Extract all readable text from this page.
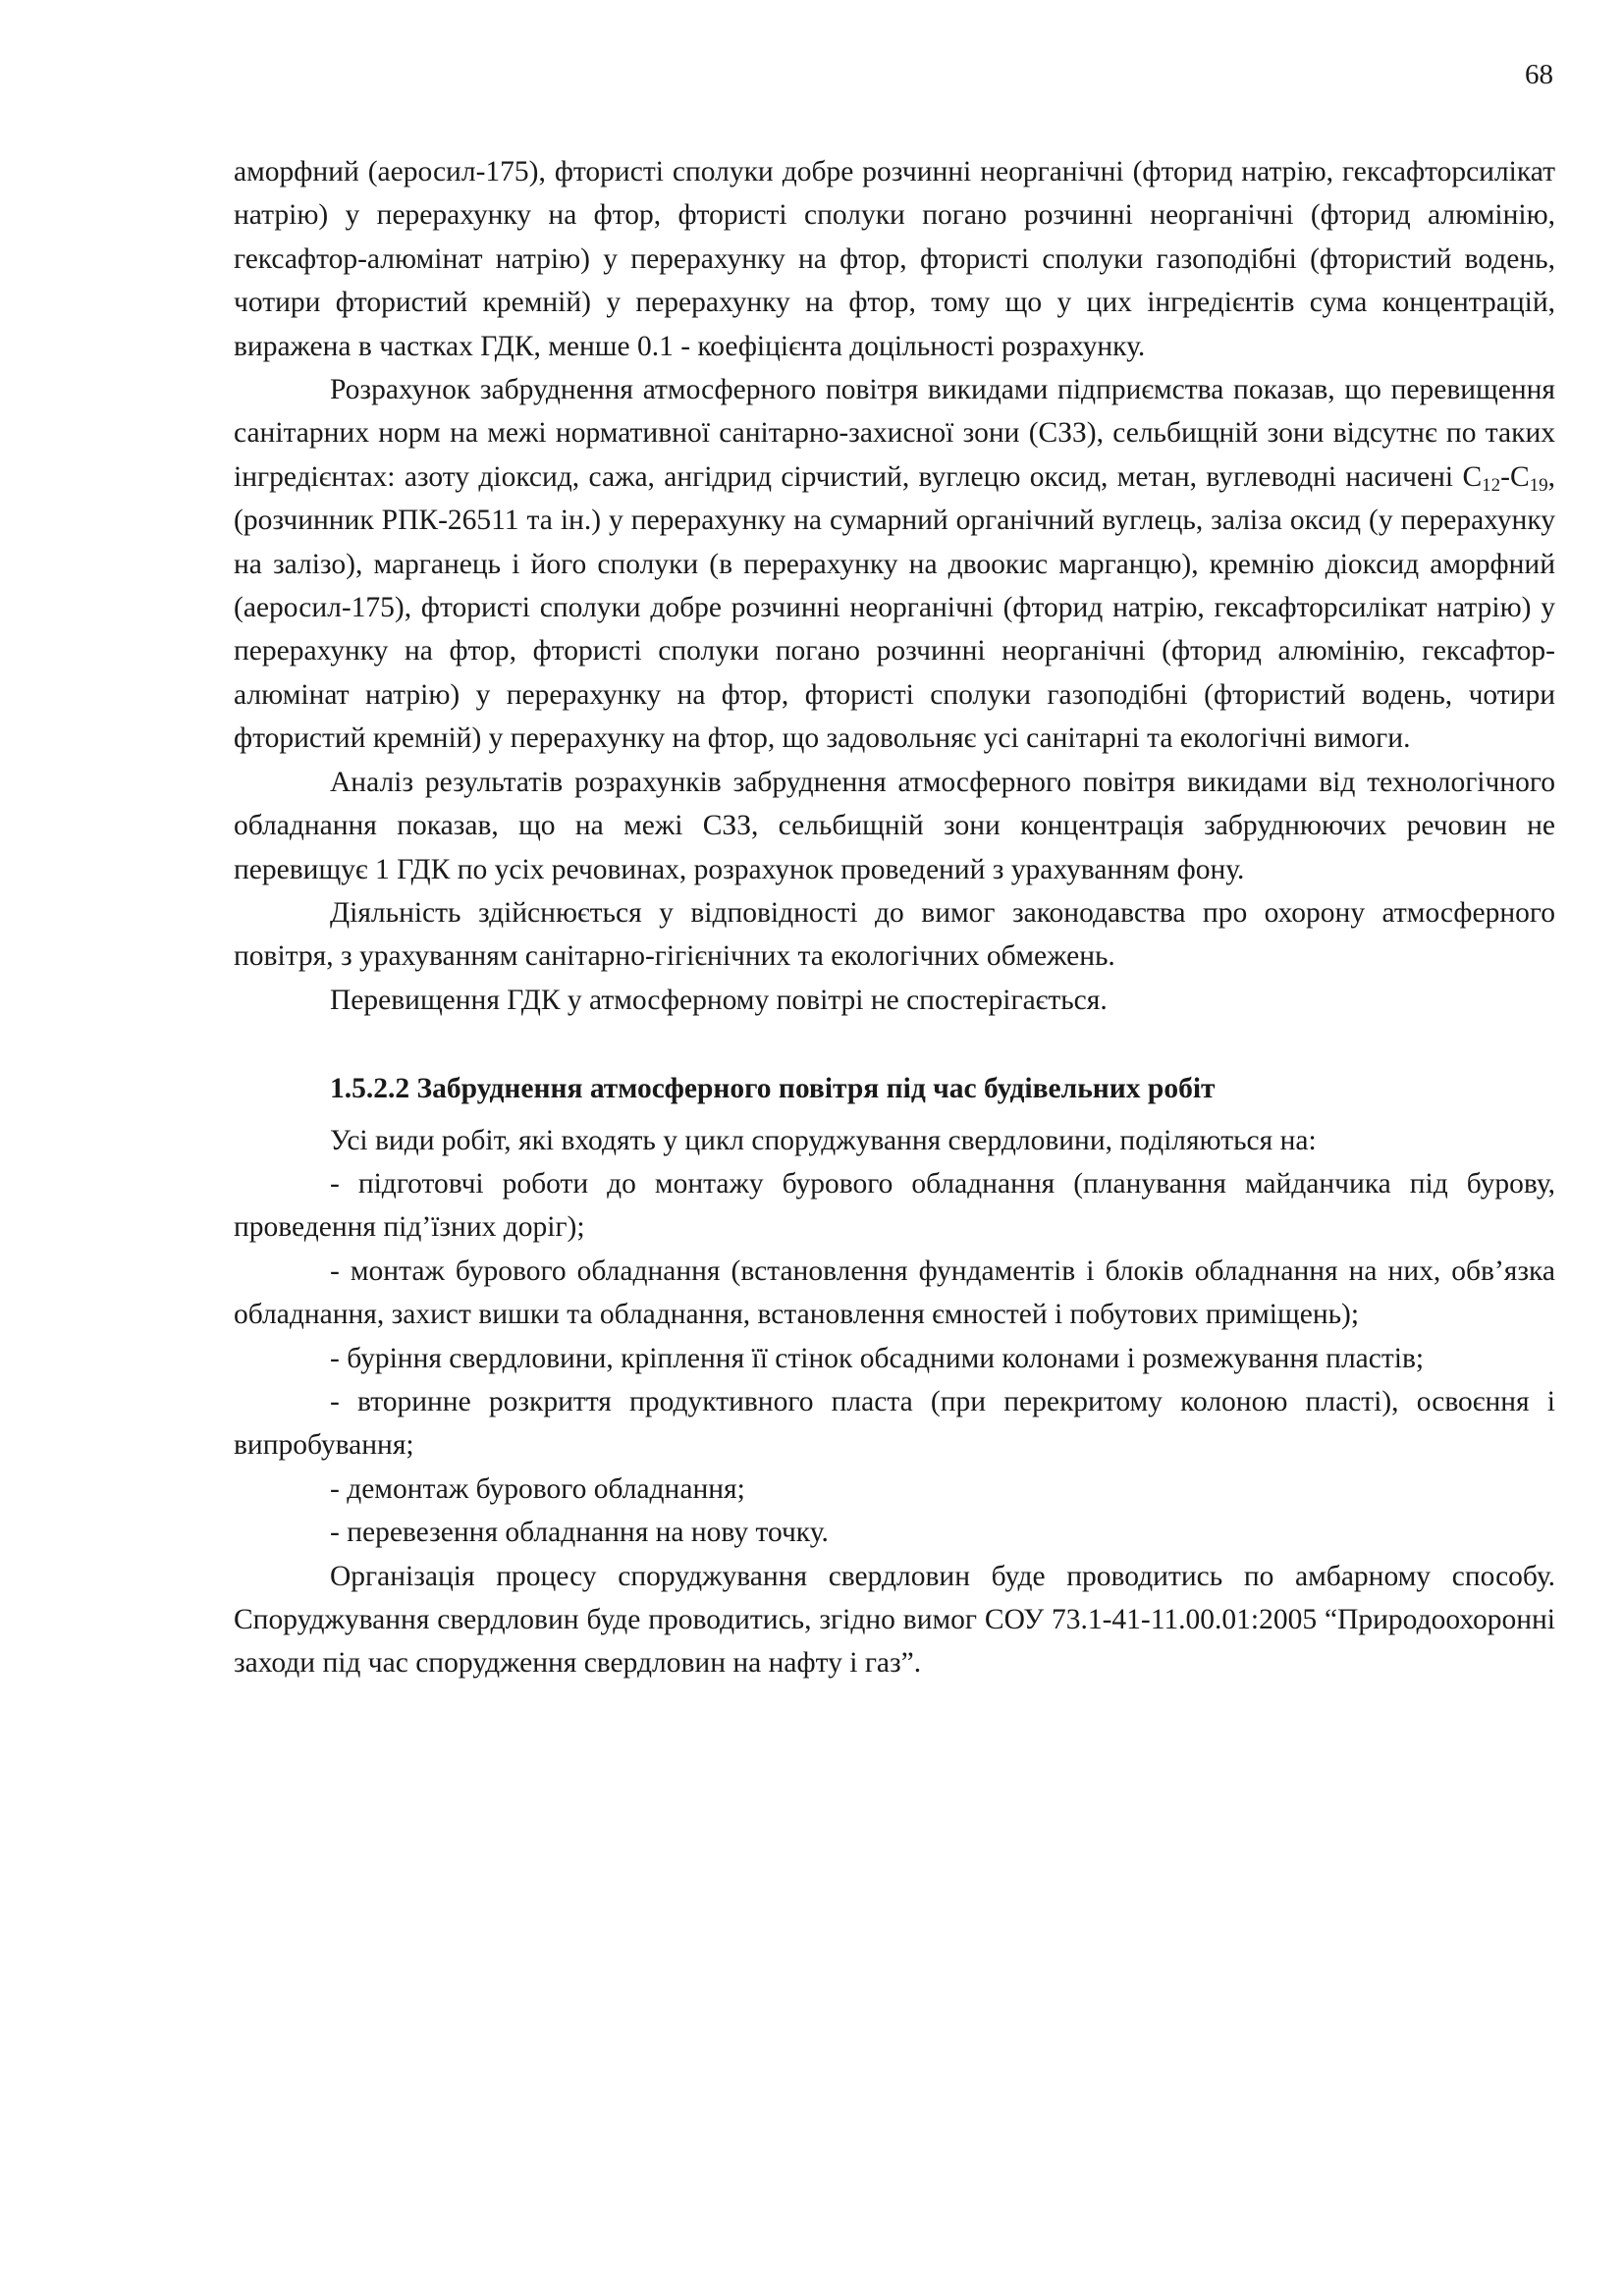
68

аморфний (аеросил-175), фтористі сполуки добре розчинні неорганічні (фторид натрію, гексафторсилікат натрію) у перерахунку на фтор, фтористі сполуки погано розчинні неорганічні (фторид алюмінію, гексафтор-алюмінат натрію) у перерахунку на фтор, фтористі сполуки газоподібні (фтористий водень, чотири фтористий кремній) у перерахунку на фтор, тому що у цих інгредієнтів сума концентрацій, виражена в частках ГДК, менше 0.1 - коефіцієнта доцільності розрахунку.

Розрахунок забруднення атмосферного повітря викидами підприємства показав, що перевищення санітарних норм на межі нормативної санітарно-захисної зони (СЗЗ), сельбищній зони відсутнє по таких інгредієнтах: азоту діоксид, сажа, ангідрид сірчистий, вуглецю оксид, метан, вуглеводні насичені $С_{12}-С_{19}$, (розчинник РПК-26511 та ін.) у перерахунку на сумарний органічний вуглець, заліза оксид (у перерахунку на залізо), марганець і його сполуки (в перерахунку на двоокис марганцю), кремнію діоксид аморфний (аеросил-175), фтористі сполуки добре розчинні неорганічні (фторид натрію, гексафторсилікат натрію) у перерахунку на фтор, фтористі сполуки погано розчинні неорганічні (фторид алюмінію, гексафтор-алюмінат натрію) у перерахунку на фтор, фтористі сполуки газоподібні (фтористий водень, чотири фтористий кремній) у перерахунку на фтор, що задовольняє усі санітарні та екологічні вимоги.

Аналіз результатів розрахунків забруднення атмосферного повітря викидами від технологічного обладнання показав, що на межі СЗЗ, сельбищній зони концентрація забруднюючих речовин не перевищує 1 ГДК по усіх речовинах, розрахунок проведений з урахуванням фону.

Діяльність здійснюється у відповідності до вимог законодавства про охорону атмосферного повітря, з урахуванням санітарно-гігієнічних та екологічних обмежень.

Перевищення ГДК у атмосферному повітрі не спостерігається.

1.5.2.2 Забруднення атмосферного повітря під час будівельних робіт

Усі види робіт, які входять у цикл споруджування свердловини, поділяються на:

- підготовчі роботи до монтажу бурового обладнання (планування майданчика під бурову, проведення під’їзних доріг);

- монтаж бурового обладнання (встановлення фундаментів і блоків обладнання на них, обв’язка обладнання, захист вишки та обладнання, встановлення ємностей і побутових приміщень);

- буріння свердловини, кріплення її стінок обсадними колонами і розмежування пластів;

- вторинне розкриття продуктивного пласта (при перекритому колоною пласті), освоєння і випробування;

- демонтаж бурового обладнання;

- перевезення обладнання на нову точку.

Організація процесу споруджування свердловин буде проводитись по амбарному способу. Споруджування свердловин буде проводитись, згідно вимог СОУ 73.1-41-11.00.01:2005 “Природоохоронні заходи під час спорудження свердловин на нафту і газ”.
